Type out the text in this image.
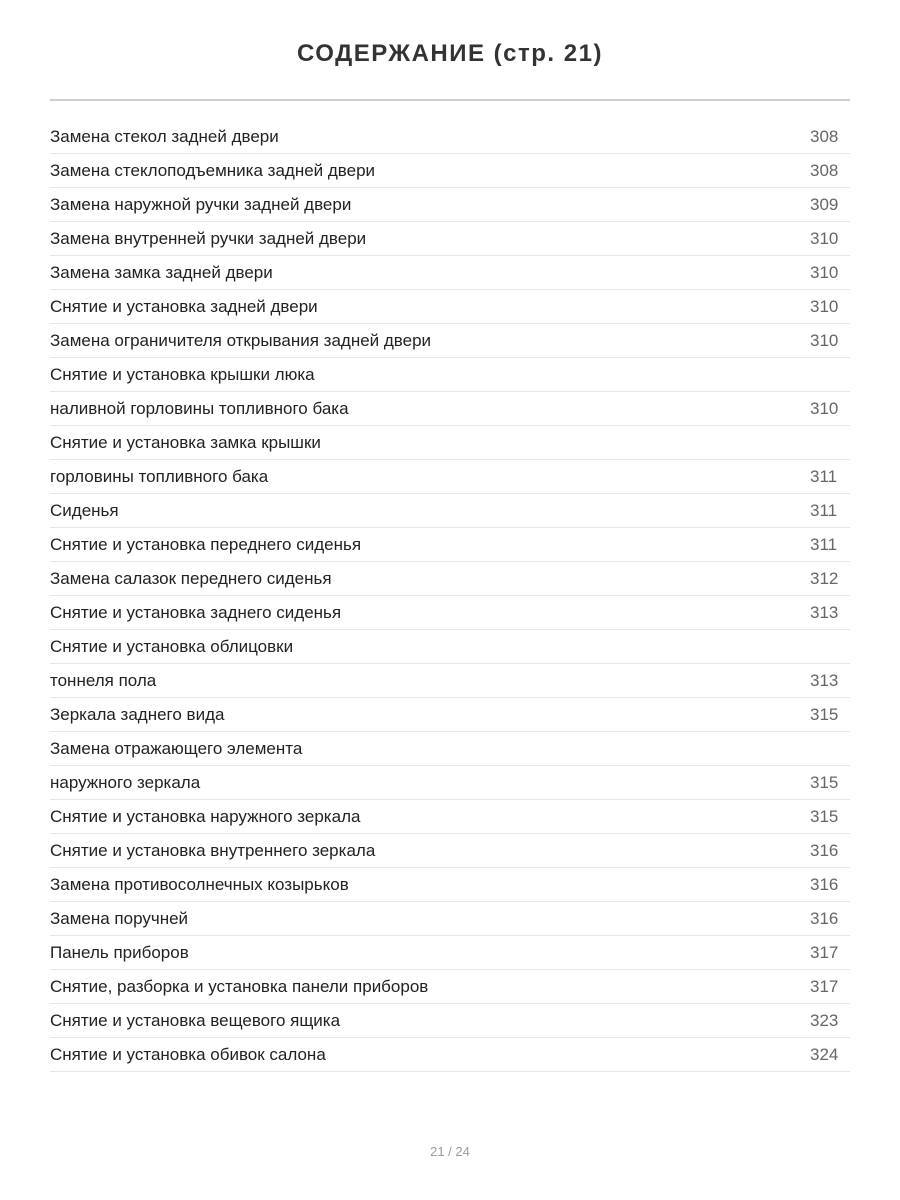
СОДЕРЖАНИЕ (стр. 21)
Замена стекол задней двери	308
Замена стеклоподъемника задней двери	308
Замена наружной ручки задней двери	309
Замена внутренней ручки задней двери	310
Замена замка задней двери	310
Снятие и установка задней двери	310
Замена ограничителя открывания задней двери	310
Снятие и установка крышки люка
наливной горловины топливного бака	310
Снятие и установка замка крышки
горловины топливного бака	311
Сиденья	311
Снятие и установка переднего сиденья	311
Замена салазок переднего сиденья	312
Снятие и установка заднего сиденья	313
Снятие и установка облицовки
тоннеля пола	313
Зеркала заднего вида	315
Замена отражающего элемента
наружного зеркала	315
Снятие и установка наружного зеркала	315
Снятие и установка внутреннего зеркала	316
Замена противосолнечных козырьков	316
Замена поручней	316
Панель приборов	317
Снятие, разборка и установка панели приборов	317
Снятие и установка вещевого ящика	323
Снятие и установка обивок салона	324
21 / 24
